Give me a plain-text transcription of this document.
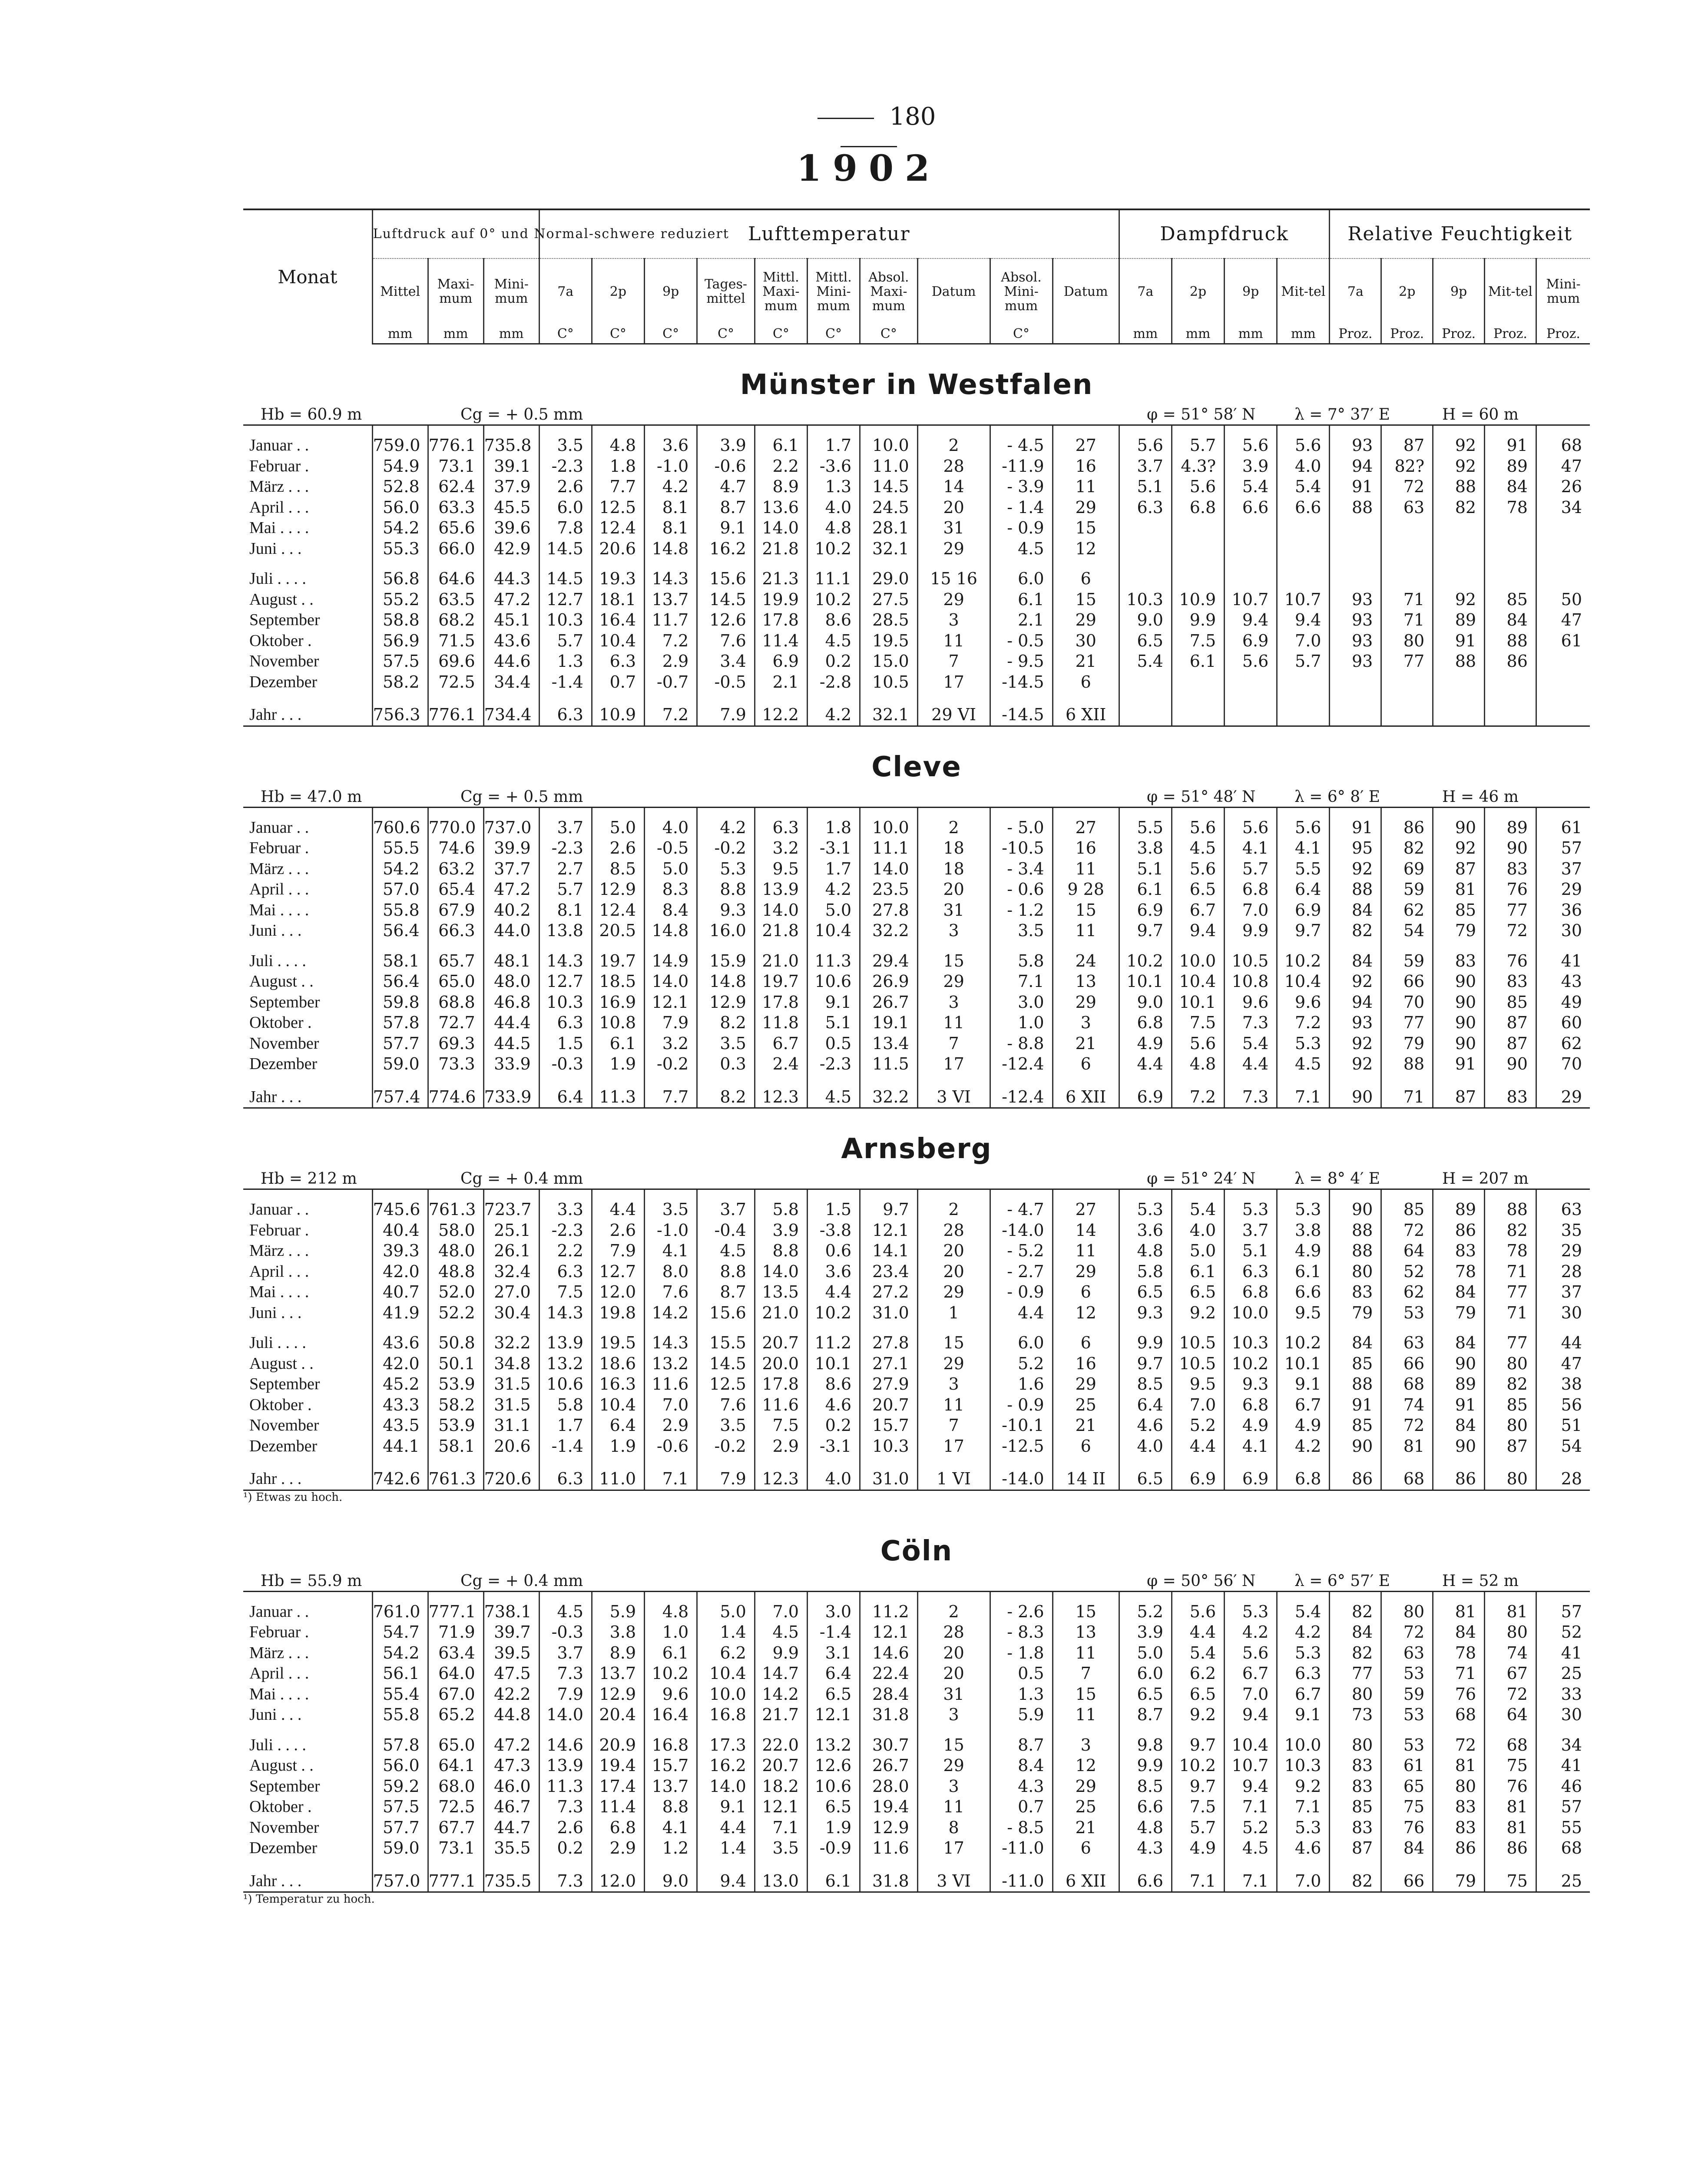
180
1902
Monat	Luftdruck auf 0° und Normal-schwere reduziert			Lufttemperatur										Dampfdruck				Relative Feuchtigkeit				
	Mittel	Maxi-mum	Mini-mum	7a	2p	9p	Tages-mittel	Mittl. Maxi-mum	Mittl. Mini-mum	Absol. Maxi-mum	Datum	Absol. Mini-mum	Datum	7a	2p	9p	Mit-tel	7a	2p	9p	Mit-tel	Mini-mum
	mm	mm	mm	C°	C°	C°	C°	C°	C°	C°		C°		mm	mm	mm	mm	Proz.	Proz.	Proz.	Proz.	Proz.
Münster in Westfalen																						

Hb = 60.9 m Cg = + 0.5 mm φ = 51° 58′ N λ = 7° 37′ E H = 60 m																						

Januar . .	759.0	776.1	735.8	3.5	4.8	3.6	3.9	6.1	1.7	10.0	2	- 4.5	27	5.6	5.7	5.6	5.6	93	87	92	91	68
Februar .	54.9	73.1	39.1	-2.3	1.8	-1.0	-0.6	2.2	-3.6	11.0	28	-11.9	16	3.7	4.3?	3.9	4.0	94	82?	92	89	47
März . . .	52.8	62.4	37.9	2.6	7.7	4.2	4.7	8.9	1.3	14.5	14	- 3.9	11	5.1	5.6	5.4	5.4	91	72	88	84	26
April . . .	56.0	63.3	45.5	6.0	12.5	8.1	8.7	13.6	4.0	24.5	20	- 1.4	29	6.3	6.8	6.6	6.6	88	63	82	78	34
Mai . . . .	54.2	65.6	39.6	7.8	12.4	8.1	9.1	14.0	4.8	28.1	31	- 0.9	15									
Juni . . .	55.3	66.0	42.9	14.5	20.6	14.8	16.2	21.8	10.2	32.1	29	4.5	12									

Juli . . . .	56.8	64.6	44.3	14.5	19.3	14.3	15.6	21.3	11.1	29.0	15 16	6.0	6									
August . .	55.2	63.5	47.2	12.7	18.1	13.7	14.5	19.9	10.2	27.5	29	6.1	15	10.3	10.9	10.7	10.7	93	71	92	85	50
September	58.8	68.2	45.1	10.3	16.4	11.7	12.6	17.8	8.6	28.5	3	2.1	29	9.0	9.9	9.4	9.4	93	71	89	84	47
Oktober .	56.9	71.5	43.6	5.7	10.4	7.2	7.6	11.4	4.5	19.5	11	- 0.5	30	6.5	7.5	6.9	7.0	93	80	91	88	61
November	57.5	69.6	44.6	1.3	6.3	2.9	3.4	6.9	0.2	15.0	7	- 9.5	21	5.4	6.1	5.6	5.7	93	77	88	86	
Dezember	58.2	72.5	34.4	-1.4	0.7	-0.7	-0.5	2.1	-2.8	10.5	17	-14.5	6									

Jahr . . .	756.3	776.1	734.4	6.3	10.9	7.2	7.9	12.2	4.2	32.1	29 VI	-14.5	6 XII									
Cleve																						

Hb = 47.0 m Cg = + 0.5 mm φ = 51° 48′ N λ = 6° 8′ E H = 46 m																						

Januar . .	760.6	770.0	737.0	3.7	5.0	4.0	4.2	6.3	1.8	10.0	2	- 5.0	27	5.5	5.6	5.6	5.6	91	86	90	89	61
Februar .	55.5	74.6	39.9	-2.3	2.6	-0.5	-0.2	3.2	-3.1	11.1	18	-10.5	16	3.8	4.5	4.1	4.1	95	82	92	90	57
März . . .	54.2	63.2	37.7	2.7	8.5	5.0	5.3	9.5	1.7	14.0	18	- 3.4	11	5.1	5.6	5.7	5.5	92	69	87	83	37
April . . .	57.0	65.4	47.2	5.7	12.9	8.3	8.8	13.9	4.2	23.5	20	- 0.6	9 28	6.1	6.5	6.8	6.4	88	59	81	76	29
Mai . . . .	55.8	67.9	40.2	8.1	12.4	8.4	9.3	14.0	5.0	27.8	31	- 1.2	15	6.9	6.7	7.0	6.9	84	62	85	77	36
Juni . . .	56.4	66.3	44.0	13.8	20.5	14.8	16.0	21.8	10.4	32.2	3	3.5	11	9.7	9.4	9.9	9.7	82	54	79	72	30

Juli . . . .	58.1	65.7	48.1	14.3	19.7	14.9	15.9	21.0	11.3	29.4	15	5.8	24	10.2	10.0	10.5	10.2	84	59	83	76	41
August . .	56.4	65.0	48.0	12.7	18.5	14.0	14.8	19.7	10.6	26.9	29	7.1	13	10.1	10.4	10.8	10.4	92	66	90	83	43
September	59.8	68.8	46.8	10.3	16.9	12.1	12.9	17.8	9.1	26.7	3	3.0	29	9.0	10.1	9.6	9.6	94	70	90	85	49
Oktober .	57.8	72.7	44.4	6.3	10.8	7.9	8.2	11.8	5.1	19.1	11	1.0	3	6.8	7.5	7.3	7.2	93	77	90	87	60
November	57.7	69.3	44.5	1.5	6.1	3.2	3.5	6.7	0.5	13.4	7	- 8.8	21	4.9	5.6	5.4	5.3	92	79	90	87	62
Dezember	59.0	73.3	33.9	-0.3	1.9	-0.2	0.3	2.4	-2.3	11.5	17	-12.4	6	4.4	4.8	4.4	4.5	92	88	91	90	70

Jahr . . .	757.4	774.6	733.9	6.4	11.3	7.7	8.2	12.3	4.5	32.2	3 VI	-12.4	6 XII	6.9	7.2	7.3	7.1	90	71	87	83	29
Arnsberg																						

Hb = 212 m Cg = + 0.4 mm φ = 51° 24′ N λ = 8° 4′ E H = 207 m																						

Januar . .	745.6	761.3	723.7	3.3	4.4	3.5	3.7	5.8	1.5	9.7	2	- 4.7	27	5.3	5.4	5.3	5.3	90	85	89	88	63
Februar .	40.4	58.0	25.1	-2.3	2.6	-1.0	-0.4	3.9	-3.8	12.1	28	-14.0	14	3.6	4.0	3.7	3.8	88	72	86	82	35
März . . .	39.3	48.0	26.1	2.2	7.9	4.1	4.5	8.8	0.6	14.1	20	- 5.2	11	4.8	5.0	5.1	4.9	88	64	83	78	29
April . . .	42.0	48.8	32.4	6.3	12.7	8.0	8.8	14.0	3.6	23.4	20	- 2.7	29	5.8	6.1	6.3	6.1	80	52	78	71	28
Mai . . . .	40.7	52.0	27.0	7.5	12.0	7.6	8.7	13.5	4.4	27.2	29	- 0.9	6	6.5	6.5	6.8	6.6	83	62	84	77	37
Juni . . .	41.9	52.2	30.4	14.3	19.8	14.2	15.6	21.0	10.2	31.0	1	4.4	12	9.3	9.2	10.0	9.5	79	53	79	71	30

Juli . . . .	43.6	50.8	32.2	13.9	19.5	14.3	15.5	20.7	11.2	27.8	15	6.0	6	9.9	10.5	10.3	10.2	84	63	84	77	44
August . .	42.0	50.1	34.8	13.2	18.6	13.2	14.5	20.0	10.1	27.1	29	5.2	16	9.7	10.5	10.2	10.1	85	66	90	80	47
September	45.2	53.9	31.5	10.6	16.3	11.6	12.5	17.8	8.6	27.9	3	1.6	29	8.5	9.5	9.3	9.1	88	68	89	82	38
Oktober .	43.3	58.2	31.5	5.8	10.4	7.0	7.6	11.6	4.6	20.7	11	- 0.9	25	6.4	7.0	6.8	6.7	91	74	91	85	56
November	43.5	53.9	31.1	1.7	6.4	2.9	3.5	7.5	0.2	15.7	7	-10.1	21	4.6	5.2	4.9	4.9	85	72	84	80	51
Dezember	44.1	58.1	20.6	-1.4	1.9	-0.6	-0.2	2.9	-3.1	10.3	17	-12.5	6	4.0	4.4	4.1	4.2	90	81	90	87	54

Jahr . . .	742.6	761.3	720.6	6.3	11.0	7.1	7.9	12.3	4.0	31.0	1 VI	-14.0	14 II	6.5	6.9	6.9	6.8	86	68	86	80	28
¹) Etwas zu hoch.																						
Cöln																						

Hb = 55.9 m Cg = + 0.4 mm φ = 50° 56′ N λ = 6° 57′ E H = 52 m																						

Januar . .	761.0	777.1	738.1	4.5	5.9	4.8	5.0	7.0	3.0	11.2	2	- 2.6	15	5.2	5.6	5.3	5.4	82	80	81	81	57
Februar .	54.7	71.9	39.7	-0.3	3.8	1.0	1.4	4.5	-1.4	12.1	28	- 8.3	13	3.9	4.4	4.2	4.2	84	72	84	80	52
März . . .	54.2	63.4	39.5	3.7	8.9	6.1	6.2	9.9	3.1	14.6	20	- 1.8	11	5.0	5.4	5.6	5.3	82	63	78	74	41
April . . .	56.1	64.0	47.5	7.3	13.7	10.2	10.4	14.7	6.4	22.4	20	0.5	7	6.0	6.2	6.7	6.3	77	53	71	67	25
Mai . . . .	55.4	67.0	42.2	7.9	12.9	9.6	10.0	14.2	6.5	28.4	31	1.3	15	6.5	6.5	7.0	6.7	80	59	76	72	33
Juni . . .	55.8	65.2	44.8	14.0	20.4	16.4	16.8	21.7	12.1	31.8	3	5.9	11	8.7	9.2	9.4	9.1	73	53	68	64	30

Juli . . . .	57.8	65.0	47.2	14.6	20.9	16.8	17.3	22.0	13.2	30.7	15	8.7	3	9.8	9.7	10.4	10.0	80	53	72	68	34
August . .	56.0	64.1	47.3	13.9	19.4	15.7	16.2	20.7	12.6	26.7	29	8.4	12	9.9	10.2	10.7	10.3	83	61	81	75	41
September	59.2	68.0	46.0	11.3	17.4	13.7	14.0	18.2	10.6	28.0	3	4.3	29	8.5	9.7	9.4	9.2	83	65	80	76	46
Oktober .	57.5	72.5	46.7	7.3	11.4	8.8	9.1	12.1	6.5	19.4	11	0.7	25	6.6	7.5	7.1	7.1	85	75	83	81	57
November	57.7	67.7	44.7	2.6	6.8	4.1	4.4	7.1	1.9	12.9	8	- 8.5	21	4.8	5.7	5.2	5.3	83	76	83	81	55
Dezember	59.0	73.1	35.5	0.2	2.9	1.2	1.4	3.5	-0.9	11.6	17	-11.0	6	4.3	4.9	4.5	4.6	87	84	86	86	68

Jahr . . .	757.0	777.1	735.5	7.3	12.0	9.0	9.4	13.0	6.1	31.8	3 VI	-11.0	6 XII	6.6	7.1	7.1	7.0	82	66	79	75	25
¹) Temperatur zu hoch.																						
